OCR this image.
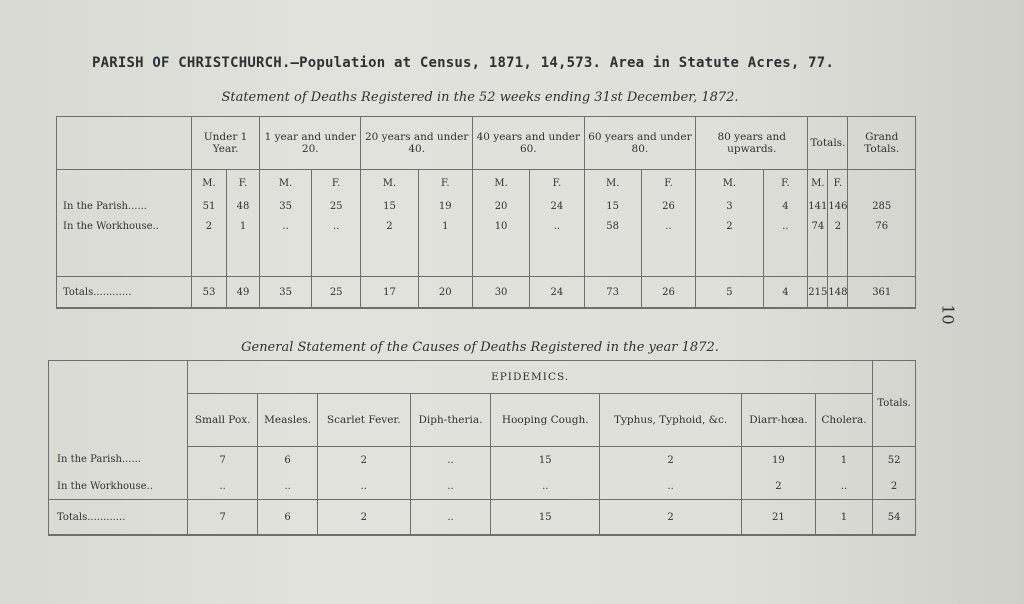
PARISH OF CHRISTCHURCH.—Population at Census, 1871, 14,573. Area in Statute Acres, 77.
Statement of Deaths Registered in the 52 weeks ending 31st December, 1872.
	Under 1 Year.		1 year and under 20.		20 years and under 40.		40 years and under 60.		60 years and under 80.		80 years and upwards.		Totals.		Grand Totals.
	M.	F.	M.	F.	M.	F.	M.	F.	M.	F.	M.	F.	M.	F.	
In the Parish......	51	48	35	25	15	19	20	24	15	26	3	4	141	146	285
In the Workhouse..	2	1	..	..	2	1	10	..	58	..	2	..	74	2	76

Totals............	53	49	35	25	17	20	30	24	73	26	5	4	215	148	361
General Statement of the Causes of Deaths Registered in the year 1872.
	EPIDEMICS.								Totals.
	Small Pox.	Measles.	Scarlet Fever.	Diph-theria.	Hooping Cough.	Typhus, Typhoid, &c.	Diarr-hœa.	Cholera.	
In the Parish......	7	6	2	..	15	2	19	1	52
In the Workhouse..	..	..	..	..	..	..	2	..	2
Totals............	7	6	2	..	15	2	21	1	54
10
